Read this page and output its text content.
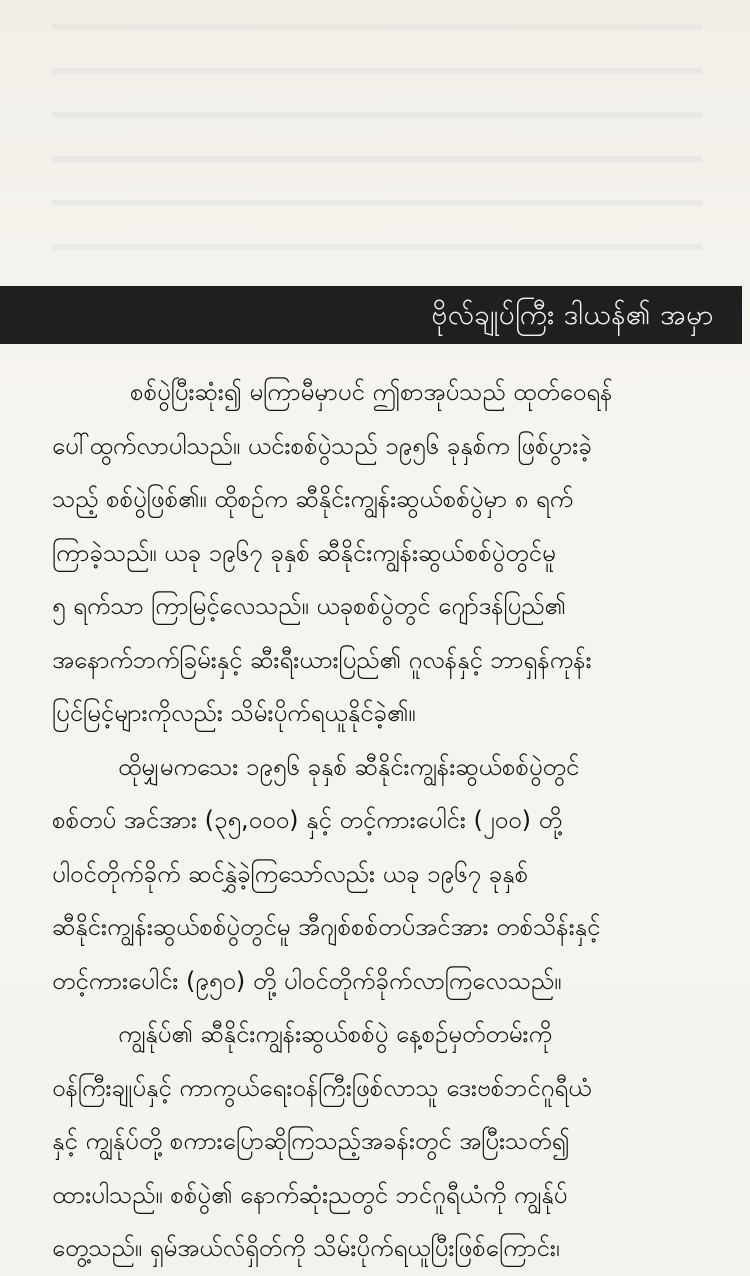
ဗိုလ်ချုပ်ကြီး ဒါယန်၏ အမှာ
စစ်ပွဲပြီးဆုံး၍ မကြာမီမှာပင် ဤစာအုပ်သည် ထုတ်ဝေရန်
ပေါ်ထွက်လာပါသည်။ ယင်းစစ်ပွဲသည် ၁၉၅၆ ခုနှစ်က ဖြစ်ပွားခဲ့
သည့် စစ်ပွဲဖြစ်၏။ ထိုစဉ်က ဆီနိုင်းကျွန်းဆွယ်စစ်ပွဲမှာ ၈ ရက်
ကြာခဲ့သည်။ ယခု ၁၉၆၇ ခုနှစ် ဆီနိုင်းကျွန်းဆွယ်စစ်ပွဲတွင်မူ
၅ ရက်သာ ကြာမြင့်လေသည်။ ယခုစစ်ပွဲတွင် ဂျော်ဒန်ပြည်၏
အနောက်ဘက်ခြမ်းနှင့် ဆီးရီးယားပြည်၏ ဂူလန်နှင့် ဘာရှန်ကုန်း
ပြင်မြင့်များကိုလည်း သိမ်းပိုက်ရယူနိုင်ခဲ့၏။
ထိုမျှမကသေး ၁၉၅၆ ခုနှစ် ဆီနိုင်းကျွန်းဆွယ်စစ်ပွဲတွင်
စစ်တပ် အင်အား (၃၅,၀၀၀) နှင့် တင့်ကားပေါင်း (၂၀၀) တို့
ပါဝင်တိုက်ခိုက် ဆင်နွှဲခဲ့ကြသော်လည်း ယခု ၁၉၆၇ ခုနှစ်
ဆီနိုင်းကျွန်းဆွယ်စစ်ပွဲတွင်မူ အီဂျစ်စစ်တပ်အင်အား တစ်သိန်းနှင့်
တင့်ကားပေါင်း (၉၅၀) တို့ ပါဝင်တိုက်ခိုက်လာကြလေသည်။
ကျွန်ုပ်၏ ဆီနိုင်းကျွန်းဆွယ်စစ်ပွဲ နေ့စဉ်မှတ်တမ်းကို
ဝန်ကြီးချုပ်နှင့် ကာကွယ်ရေးဝန်ကြီးဖြစ်လာသူ ဒေးဗစ်ဘင်ဂူရီယံ
နှင့် ကျွန်ုပ်တို့ စကားပြောဆိုကြသည့်အခန်းတွင် အပြီးသတ်၍
ထားပါသည်။ စစ်ပွဲ၏ နောက်ဆုံးညတွင် ဘင်ဂူရီယံကို ကျွန်ုပ်
တွေ့သည်။ ရှမ်အယ်လ်ရှိတ်ကို သိမ်းပိုက်ရယူပြီးဖြစ်ကြောင်း၊
